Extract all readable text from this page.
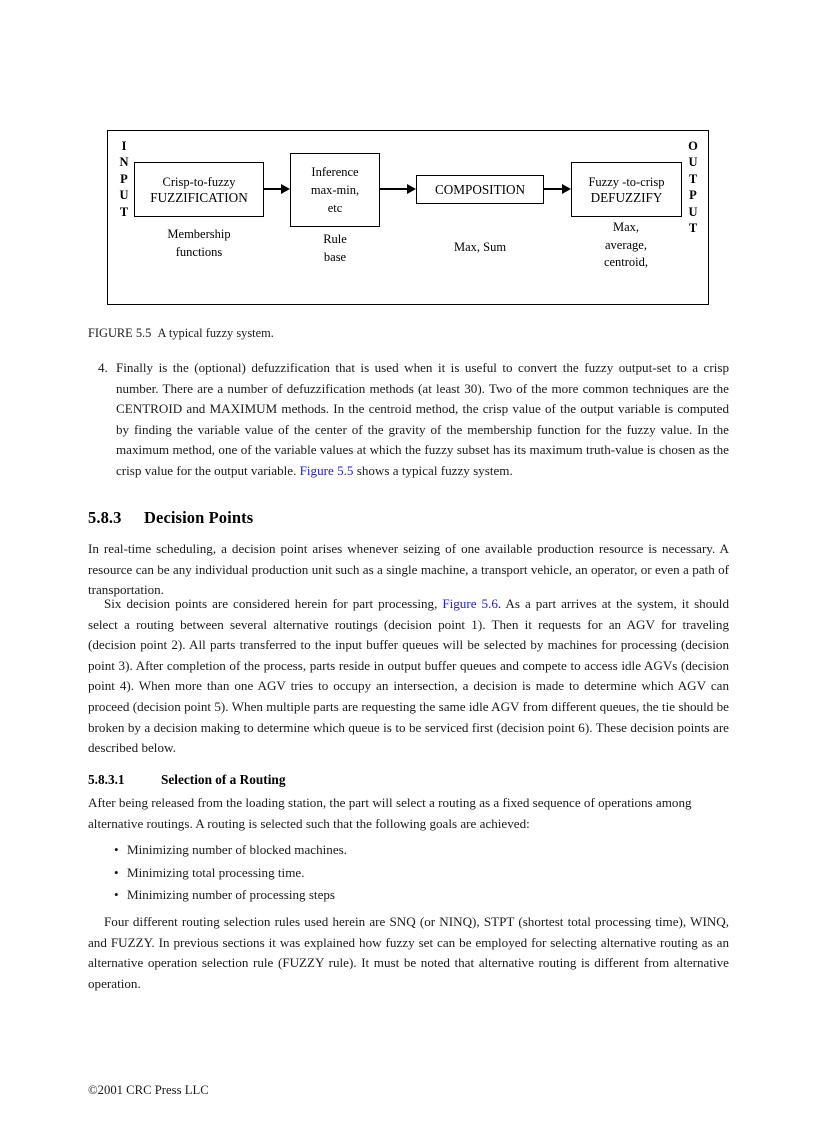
I
N
P
U
T
O
U
T
P
U
T
Crisp-to-fuzzy
FUZZIFICATION
Inference
max-min,
etc
COMPOSITION	Fuzzy -to-crisp
DEFUZZIFY
Membership
functions
Rule
base
Max, Sum
Max,
average,
centroid,
FIGURE 5.5 A typical fuzzy system.
4. Finally is the (optional) defuzzification that is used when it is useful to convert the fuzzy output-set to a crisp number. There are a number of defuzzification methods (at least 30). Two of the more common techniques are the CENTROID and MAXIMUM methods. In the centroid method, the crisp value of the output variable is computed by finding the variable value of the center of the gravity of the membership function for the fuzzy value. In the maximum method, one of the variable values at which the fuzzy subset has its maximum truth-value is chosen as the crisp value for the output variable. Figure 5.5 shows a typical fuzzy system.
5.8.3 Decision Points

In real-time scheduling, a decision point arises whenever seizing of one available production resource is necessary. A resource can be any individual production unit such as a single machine, a transport vehicle, an operator, or even a path of transportation.

Six decision points are considered herein for part processing, Figure 5.6. As a part arrives at the system, it should select a routing between several alternative routings (decision point 1). Then it requests for an AGV for traveling (decision point 2). All parts transferred to the input buffer queues will be selected by machines for processing (decision point 3). After completion of the process, parts reside in output buffer queues and compete to access idle AGVs (decision point 4). When more than one AGV tries to occupy an intersection, a decision is made to determine which AGV can proceed (decision point 5). When multiple parts are requesting the same idle AGV from different queues, the tie should be broken by a decision making to determine which queue is to be serviced first (decision point 6). These decision points are described below.

5.8.3.1	Selection of a Routing

After being released from the loading station, the part will select a routing as a fixed sequence of operations among alternative routings. A routing is selected such that the following goals are achieved:

• Minimizing number of blocked machines.
• Minimizing total processing time.
• Minimizing number of processing steps

Four different routing selection rules used herein are SNQ (or NINQ), STPT (shortest total processing time), WINQ, and FUZZY. In previous sections it was explained how fuzzy set can be employed for selecting alternative routing as an alternative operation selection rule (FUZZY rule). It must be noted that alternative routing is different from alternative operation.

©2001 CRC Press LLC
